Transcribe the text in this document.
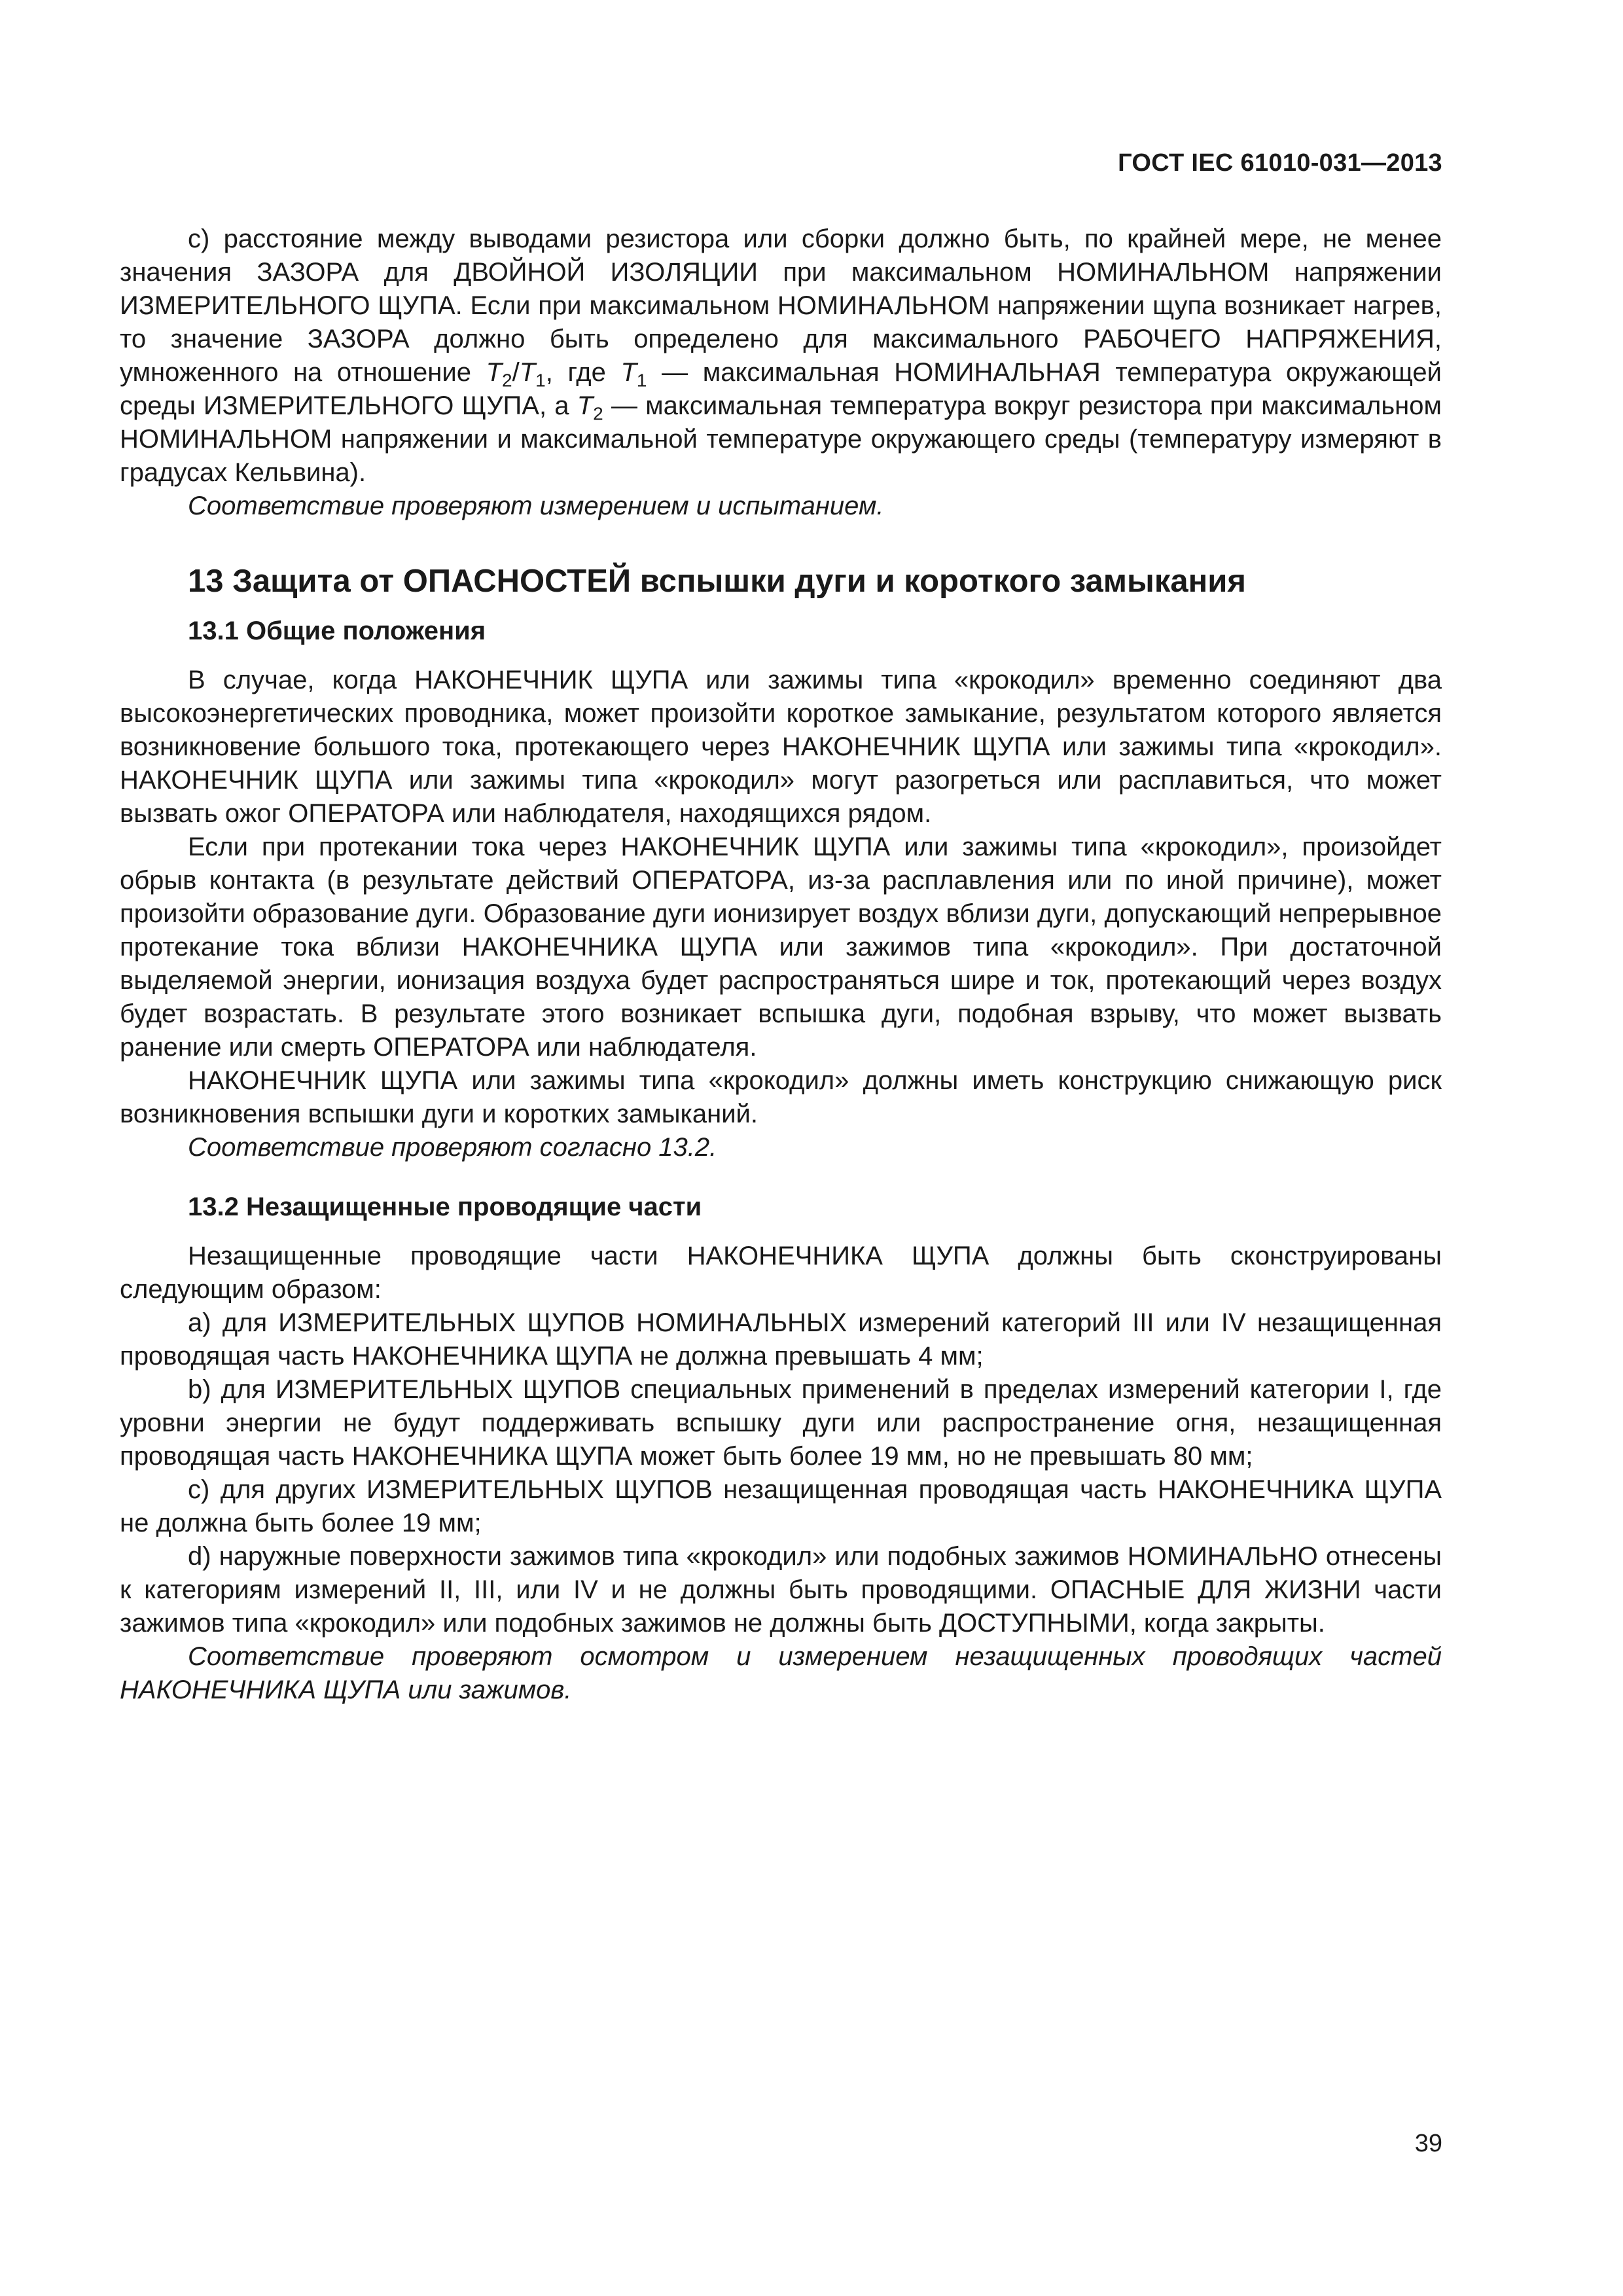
ГОСТ IEC 61010-031—2013

c) расстояние между выводами резистора или сборки должно быть, по крайней мере, не менее значения ЗАЗОРА для ДВОЙНОЙ ИЗОЛЯЦИИ при максимальном НОМИНАЛЬНОМ напряжении ИЗМЕРИТЕЛЬНОГО ЩУПА. Если при максимальном НОМИНАЛЬНОМ напряжении щупа возникает нагрев, то значение ЗАЗОРА должно быть определено для максимального РАБОЧЕГО НАПРЯЖЕНИЯ, умноженного на отношение $T_2/T_1$, где $T_1$ — максимальная НОМИНАЛЬНАЯ температура окружающей среды ИЗМЕРИТЕЛЬНОГО ЩУПА, а $T_2$ — максимальная температура вокруг резистора при максимальном НОМИНАЛЬНОМ напряжении и максимальной температуре окружающего среды (температуру измеряют в градусах Кельвина).

Соответствие проверяют измерением и испытанием.

13 Защита от ОПАСНОСТЕЙ вспышки дуги и короткого замыкания
13.1 Общие положения

В случае, когда НАКОНЕЧНИК ЩУПА или зажимы типа «крокодил» временно соединяют два высокоэнергетических проводника, может произойти короткое замыкание, результатом которого является возникновение большого тока, протекающего через НАКОНЕЧНИК ЩУПА или зажимы типа «крокодил». НАКОНЕЧНИК ЩУПА или зажимы типа «крокодил» могут разогреться или расплавиться, что может вызвать ожог ОПЕРАТОРА или наблюдателя, находящихся рядом.

Если при протекании тока через НАКОНЕЧНИК ЩУПА или зажимы типа «крокодил», произойдет обрыв контакта (в результате действий ОПЕРАТОРА, из-за расплавления или по иной причине), может произойти образование дуги. Образование дуги ионизирует воздух вблизи дуги, допускающий непрерывное протекание тока вблизи НАКОНЕЧНИКА ЩУПА или зажимов типа «крокодил». При достаточной выделяемой энергии, ионизация воздуха будет распространяться шире и ток, протекающий через воздух будет возрастать. В результате этого возникает вспышка дуги, подобная взрыву, что может вызвать ранение или смерть ОПЕРАТОРА или наблюдателя.

НАКОНЕЧНИК ЩУПА или зажимы типа «крокодил» должны иметь конструкцию снижающую риск возникновения вспышки дуги и коротких замыканий.

Соответствие проверяют согласно 13.2.

13.2 Незащищенные проводящие части

Незащищенные проводящие части НАКОНЕЧНИКА ЩУПА должны быть сконструированы следующим образом:

a) для ИЗМЕРИТЕЛЬНЫХ ЩУПОВ НОМИНАЛЬНЫХ измерений категорий III или IV незащищенная проводящая часть НАКОНЕЧНИКА ЩУПА не должна превышать 4 мм;

b) для ИЗМЕРИТЕЛЬНЫХ ЩУПОВ специальных применений в пределах измерений категории I, где уровни энергии не будут поддерживать вспышку дуги или распространение огня, незащищенная проводящая часть НАКОНЕЧНИКА ЩУПА может быть более 19 мм, но не превышать 80 мм;

c) для других ИЗМЕРИТЕЛЬНЫХ ЩУПОВ незащищенная проводящая часть НАКОНЕЧНИКА ЩУПА не должна быть более 19 мм;

d) наружные поверхности зажимов типа «крокодил» или подобных зажимов НОМИНАЛЬНО отнесены к категориям измерений II, III, или IV и не должны быть проводящими. ОПАСНЫЕ ДЛЯ ЖИЗНИ части зажимов типа «крокодил» или подобных зажимов не должны быть ДОСТУПНЫМИ, когда закрыты.

Соответствие проверяют осмотром и измерением незащищенных проводящих частей НАКОНЕЧНИКА ЩУПА или зажимов.

39
